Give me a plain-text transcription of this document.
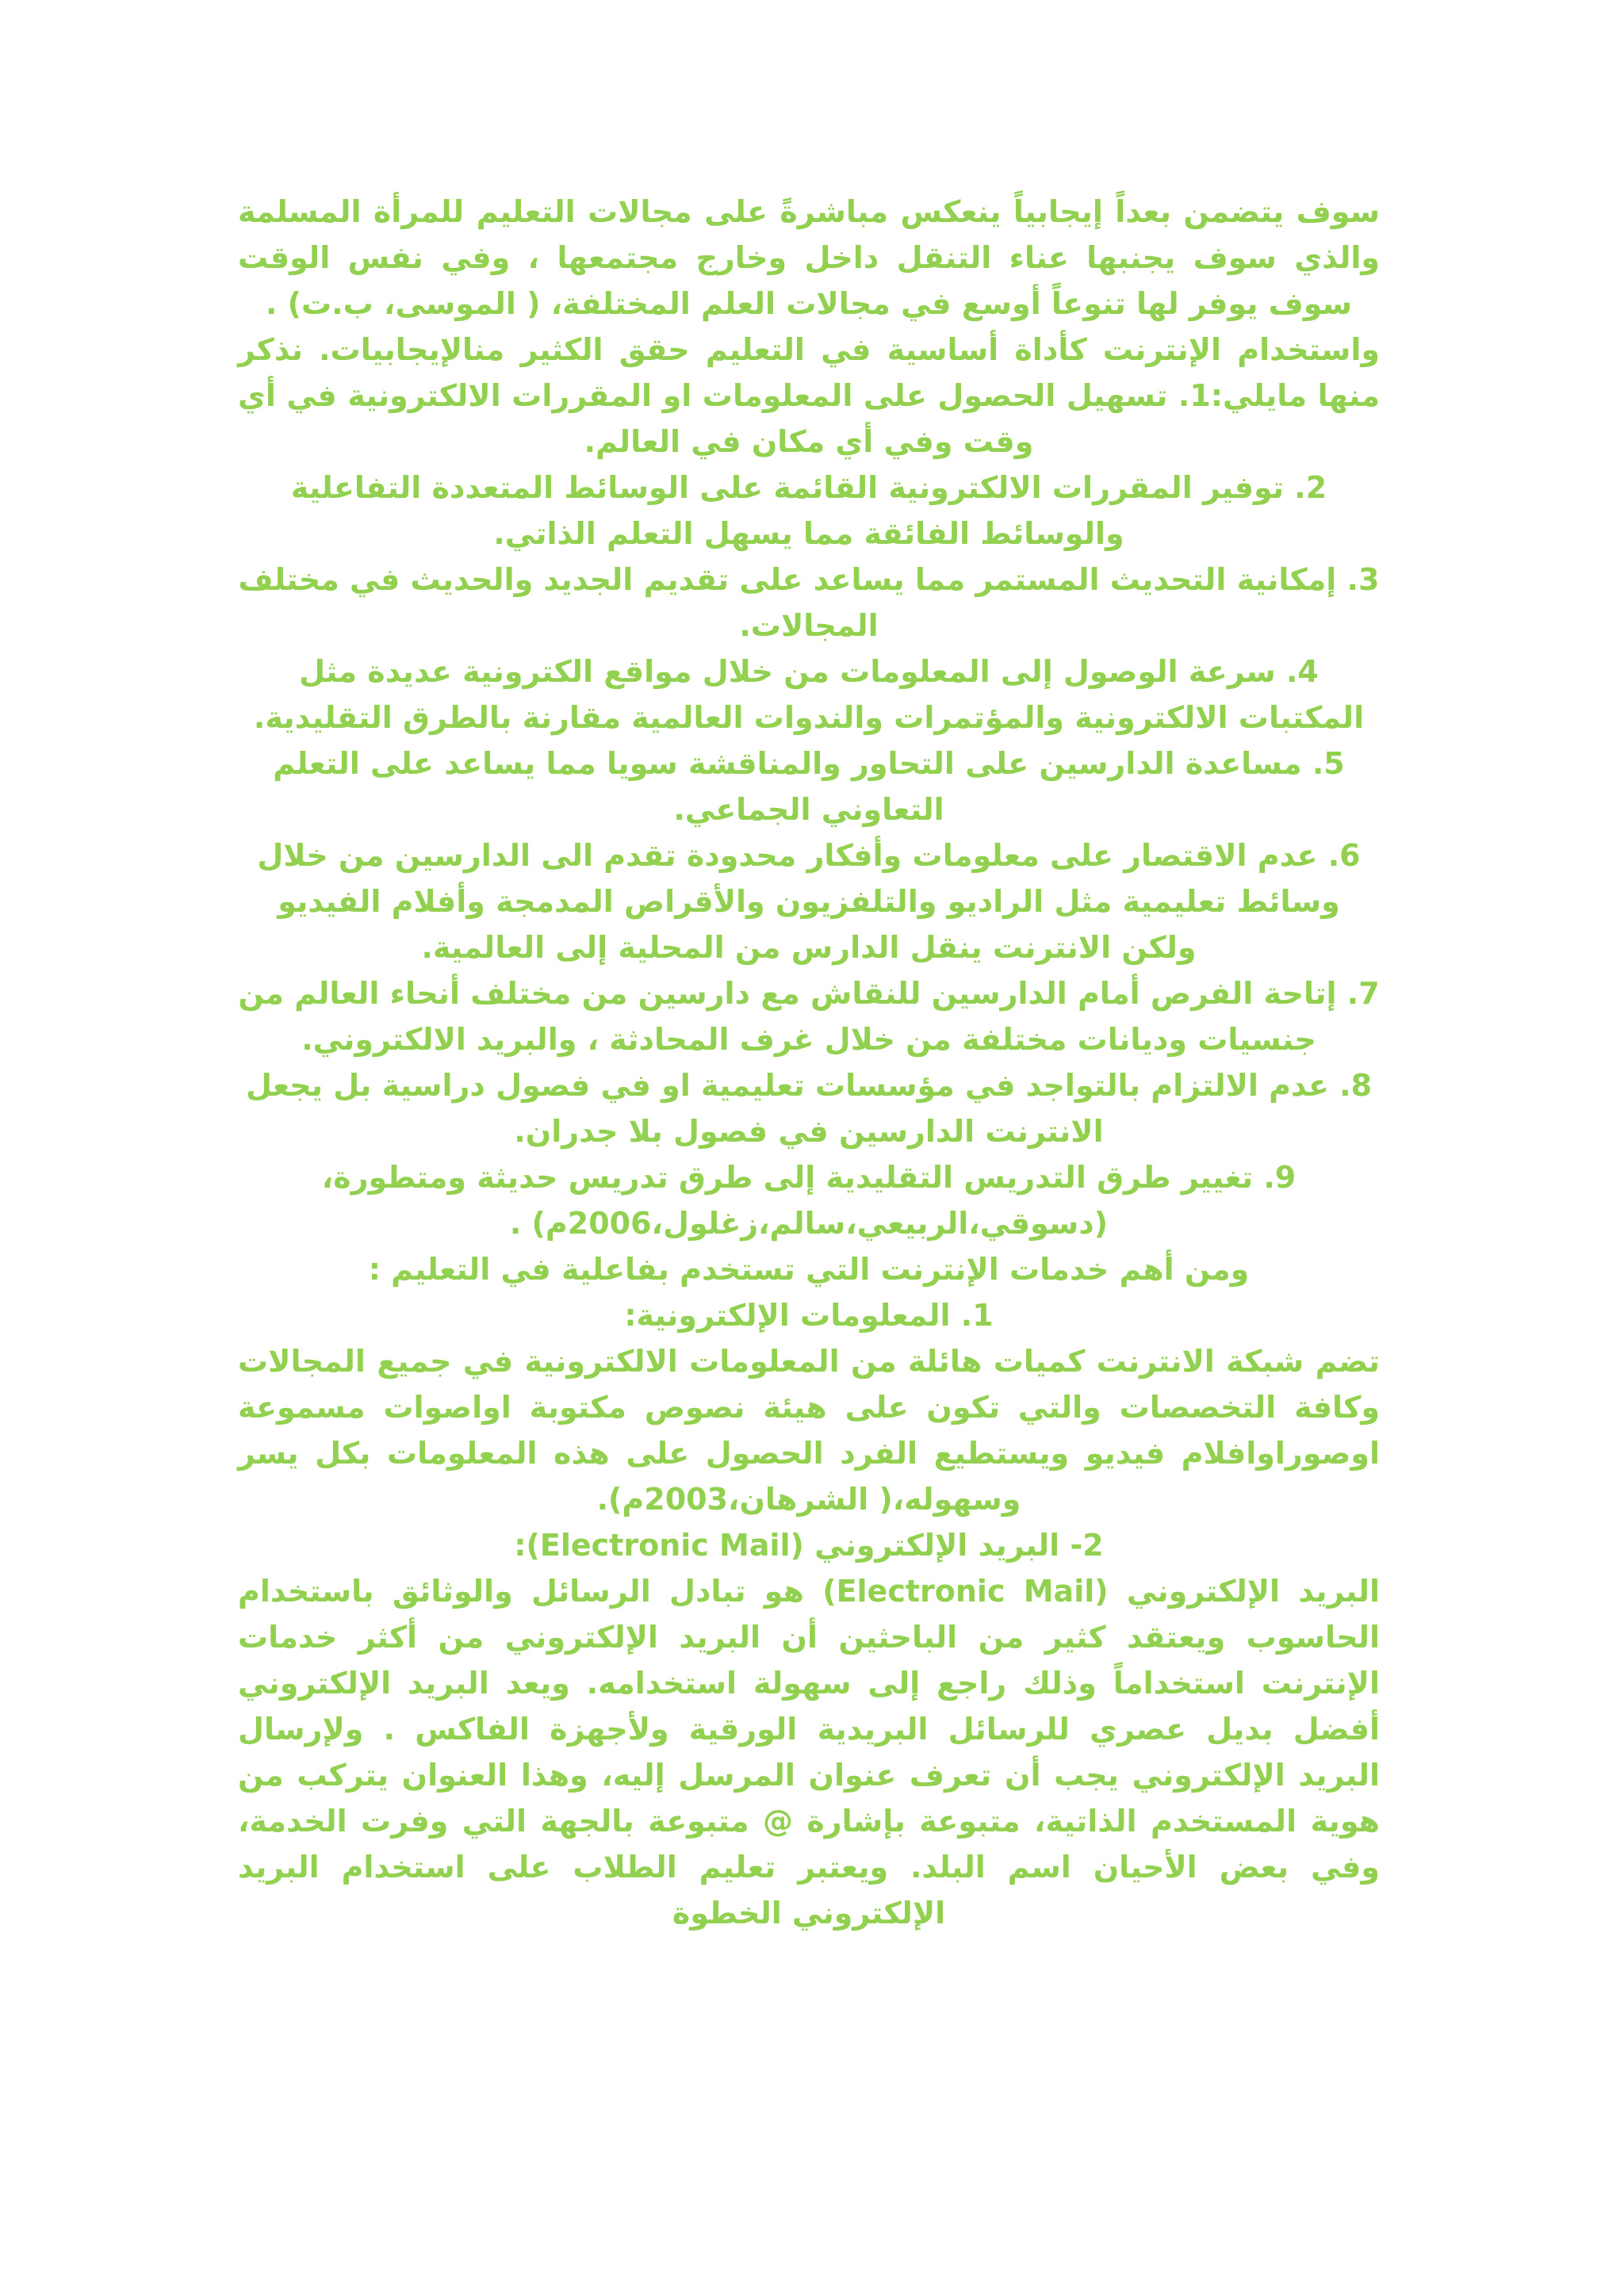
سوف يتضمن بعداً إيجابياً ينعكس مباشرةً على مجالات التعليم للمرأة المسلمة والذي سوف يجنبها عناء التنقل داخل وخارج مجتمعها ، وفي نفس الوقت سوف يوفر لها تنوعاً أوسع في مجالات العلم المختلفة، ( الموسى، ب.ت) .

واستخدام الإنترنت كأداة أساسية في التعليم حقق الكثير منالإيجابيات. نذكر منها مايلي:1. تسهيل الحصول على المعلومات او المقررات الالكترونية في أي وقت وفي أي مكان في العالم.

2. توفير المقررات الالكترونية القائمة على الوسائط المتعددة التفاعلية والوسائط الفائقة مما يسهل التعلم الذاتي.

3. إمكانية التحديث المستمر مما يساعد على تقديم الجديد والحديث في مختلف المجالات.

4. سرعة الوصول إلى المعلومات من خلال مواقع الكترونية عديدة مثل المكتبات الالكترونية والمؤتمرات والندوات العالمية مقارنة بالطرق التقليدية.

5. مساعدة الدارسين على التحاور والمناقشة سويا مما يساعد على التعلم التعاوني الجماعي.

6. عدم الاقتصار على معلومات وأفكار محدودة تقدم الى الدارسين من خلال وسائط تعليمية مثل الراديو والتلفزيون والأقراص المدمجة وأفلام الفيديو ولكن الانترنت ينقل الدارس من المحلية إلى العالمية.

7. إتاحة الفرص أمام الدارسين للنقاش مع دارسين من مختلف أنحاء العالم من جنسيات وديانات مختلفة من خلال غرف المحادثة ، والبريد الالكتروني.

8. عدم الالتزام بالتواجد في مؤسسات تعليمية او في فصول دراسية بل يجعل الانترنت الدارسين في فصول بلا جدران.

9. تغيير طرق التدريس التقليدية إلى طرق تدريس حديثة ومتطورة،

(دسوقي،الربيعي،سالم،زغلول،2006م) .

ومن أهم خدمات الإنترنت التي تستخدم بفاعلية في التعليم :

1. المعلومات الإلكترونية:

تضم شبكة الانترنت كميات هائلة من المعلومات الالكترونية في جميع المجالات وكافة التخصصات والتي تكون على هيئة نصوص مكتوبة اواصوات مسموعة اوصوراوافلام فيديو ويستطيع الفرد الحصول على هذه المعلومات بكل يسر وسهوله،( الشرهان،2003م).

2- البريد الإلكتروني (Electronic Mail):

البريد الإلكتروني (Electronic Mail) هو تبادل الرسائل والوثائق باستخدام الحاسوب ويعتقد كثير من الباحثين أن البريد الإلكتروني من أكثر خدمات الإنترنت استخداماً وذلك راجع إلى سهولة استخدامه. ويعد البريد الإلكتروني أفضل بديل عصري للرسائل البريدية الورقية ولأجهزة الفاكس . ولإرسال البريد الإلكتروني يجب أن تعرف عنوان المرسل إليه، وهذا العنوان يتركب من هوية المستخدم الذاتية، متبوعة بإشارة @ متبوعة بالجهة التي وفرت الخدمة، وفي بعض الأحيان اسم البلد. ويعتبر تعليم الطلاب على استخدام البريد الإلكتروني الخطوة
